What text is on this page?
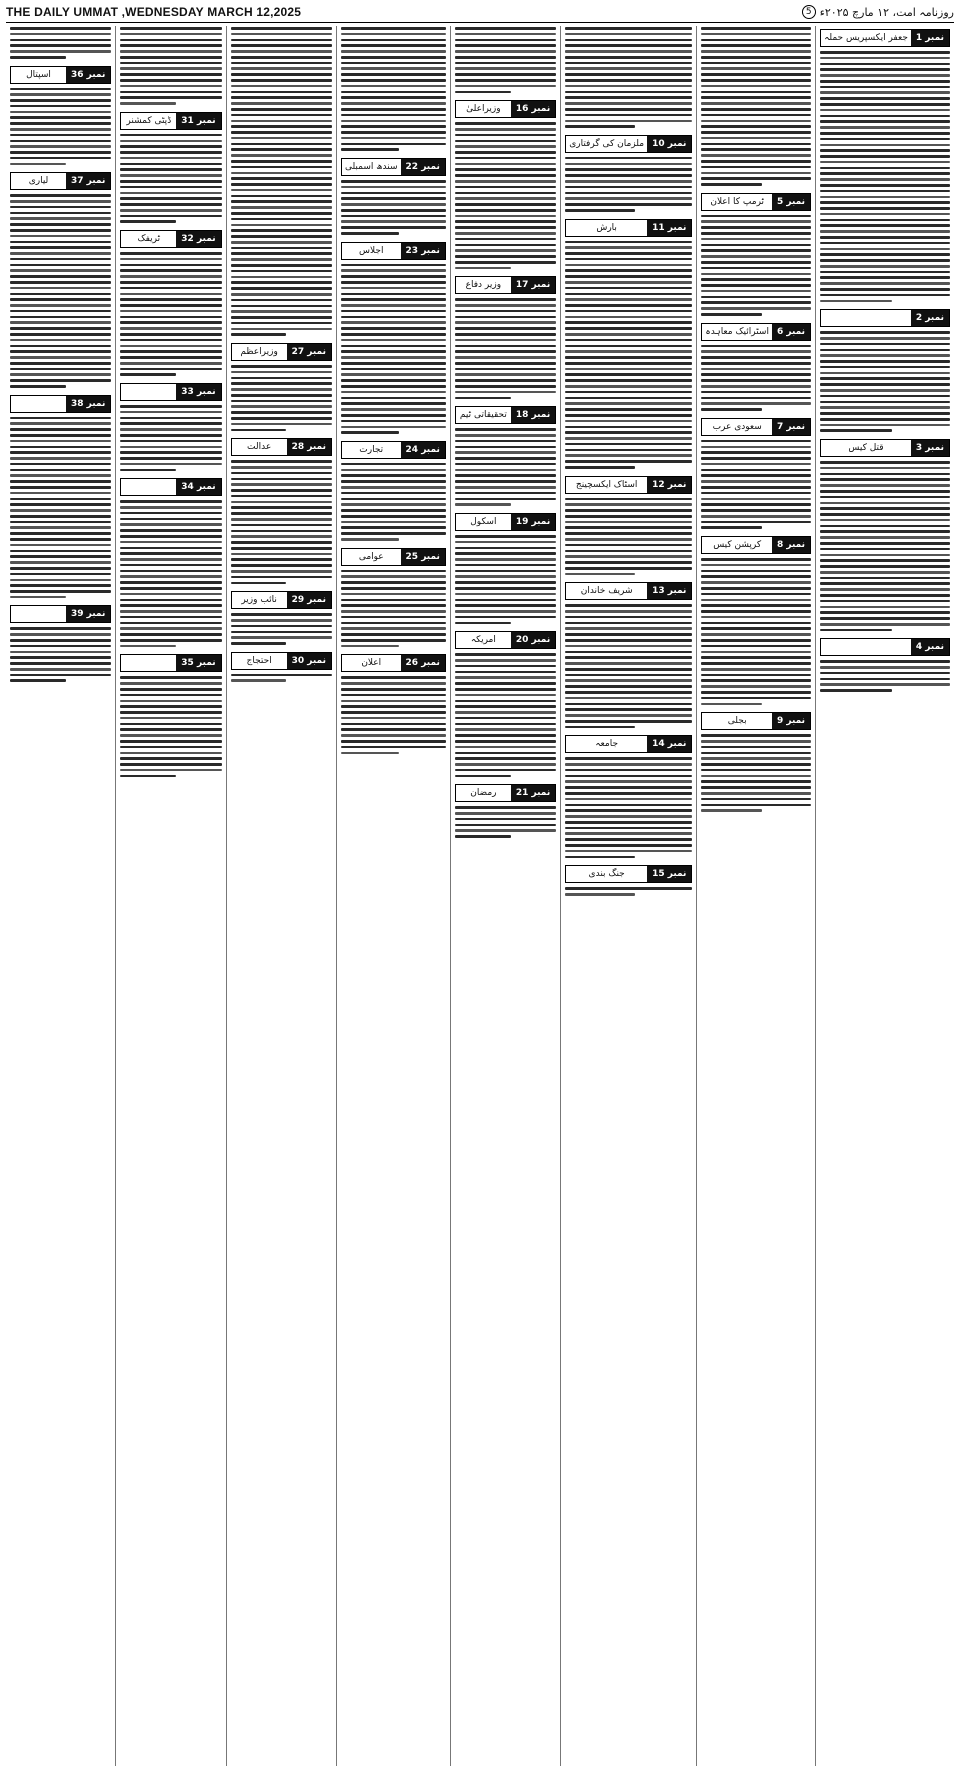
THE DAILY UMMAT ,WEDNESDAY MARCH 12,2025	روزنامہ امت، ۱۲ مارچ ۲۰۲۵ء
5
نمبر 1
جعفر ایکسپریس حملہ
نمبر 2
نمبر 3
قتل کیس
نمبر 4
نمبر 5
ٹرمپ کا اعلان
نمبر 6
اسٹرائیک معاہدہ
نمبر 7
سعودی عرب
نمبر 8
کرپشن کیس
نمبر 9
بجلی
نمبر 10
ملزمان کی گرفتاری
نمبر 11
بارش
نمبر 12
اسٹاک ایکسچینج
نمبر 13
شریف خاندان
نمبر 14
جامعہ
نمبر 15
جنگ بندی
نمبر 16
وزیراعلیٰ
نمبر 17
وزیر دفاع
نمبر 18
تحقیقاتی ٹیم
نمبر 19
اسکول
نمبر 20
امریکہ
نمبر 21
رمضان
نمبر 22
سندھ اسمبلی
نمبر 23
اجلاس
نمبر 24
تجارت
نمبر 25
عوامی
نمبر 26
اعلان
نمبر 27
وزیراعظم
نمبر 28
عدالت
نمبر 29
نائب وزیر
نمبر 30
احتجاج
نمبر 31
ڈپٹی کمشنر
نمبر 32
ٹریفک
نمبر 33
نمبر 34
نمبر 35
نمبر 36
اسپتال
نمبر 37
لیاری
نمبر 38
نمبر 39
